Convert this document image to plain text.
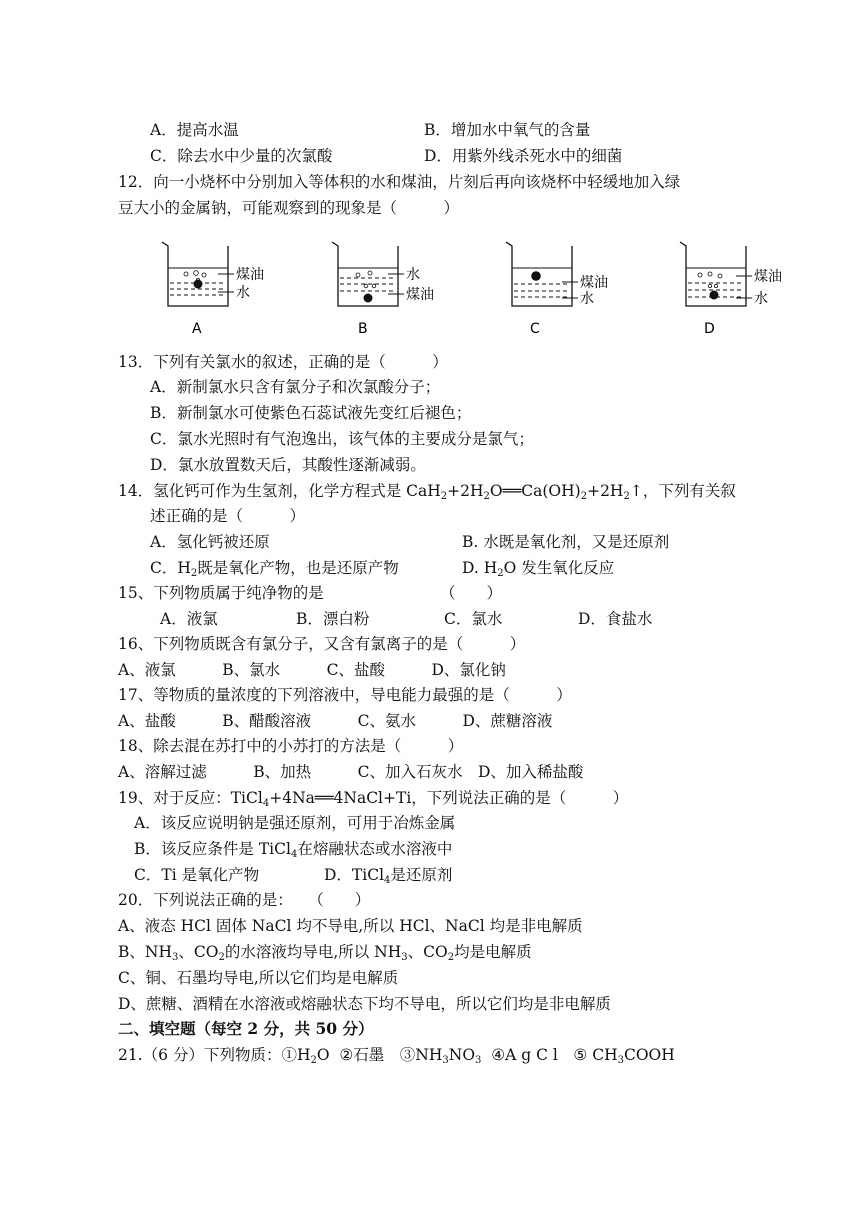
A．提高水温	B．增加水中氧气的含量
C．除去水中少量的次氯酸	D．用紫外线杀死水中的细菌
12．向一小烧杯中分别加入等体积的水和煤油，片刻后再向该烧杯中轻缓地加入绿
豆大小的金属钠，可能观察到的现象是（　　　）
煤油
水
A
水
煤油
B
煤油
水
C
煤油
水
D
13．下列有关氯水的叙述，正确的是（　　　）
A．新制氯水只含有氯分子和次氯酸分子；
B．新制氯水可使紫色石蕊试液先变红后褪色；
C．氯水光照时有气泡逸出，该气体的主要成分是氯气；
D．氯水放置数天后，其酸性逐渐减弱。
14．氢化钙可作为生氢剂，化学方程式是 $CaH_2+2H_2O══Ca(OH)_2+2H_2↑$，下列有关叙
述正确的是（　　　）
A．氢化钙被还原	B. 水既是氧化剂，又是还原剂
C．$H_2$既是氧化产物，也是还原产物	D. $H_2O$ 发生氧化反应
15、下列物质属于纯净物的是　　　　　　　　（　　）
A．液氯	B．漂白粉	C．氯水	D．食盐水
16、下列物质既含有氯分子，又含有氯离子的是（　　　）
A、液氯　　　B、氯水　　　C、盐酸　　　D、氯化钠
17、等物质的量浓度的下列溶液中，导电能力最强的是（　　　）
A、盐酸　　　B、醋酸溶液　　　C、氨水　　　D、蔗糖溶液
18、除去混在苏打中的小苏打的方法是（　　　）
A、溶解过滤　　　B、加热　　　C、加入石灰水　D、加入稀盐酸
19、对于反应：TiCl$_4$+4Na══4NaCl+Ti，下列说法正确的是（　　　）
A．该反应说明钠是强还原剂，可用于冶炼金属
B．该反应条件是 TiCl$_4$在熔融状态或水溶液中
C．Ti 是氧化产物	D．TiCl$_4$是还原剂
20．下列说法正确的是：　　（　　）
A、液态 HCl 固体 NaCl 均不导电,所以 HCl、NaCl 均是非电解质
B、$NH_3$、$CO_2$的水溶液均导电,所以 $NH_3$、$CO_2$均是电解质
C、铜、石墨均导电,所以它们均是电解质
D、蔗糖、酒精在水溶液或熔融状态下均不导电，所以它们均是非电解质
二、填空题（每空 2 分，共 50 分）
21.（6 分）下列物质：$①H_2O$  ②石墨　$③NH_3NO_3$  ④A g C l　⑤ $CH_3COOH$
